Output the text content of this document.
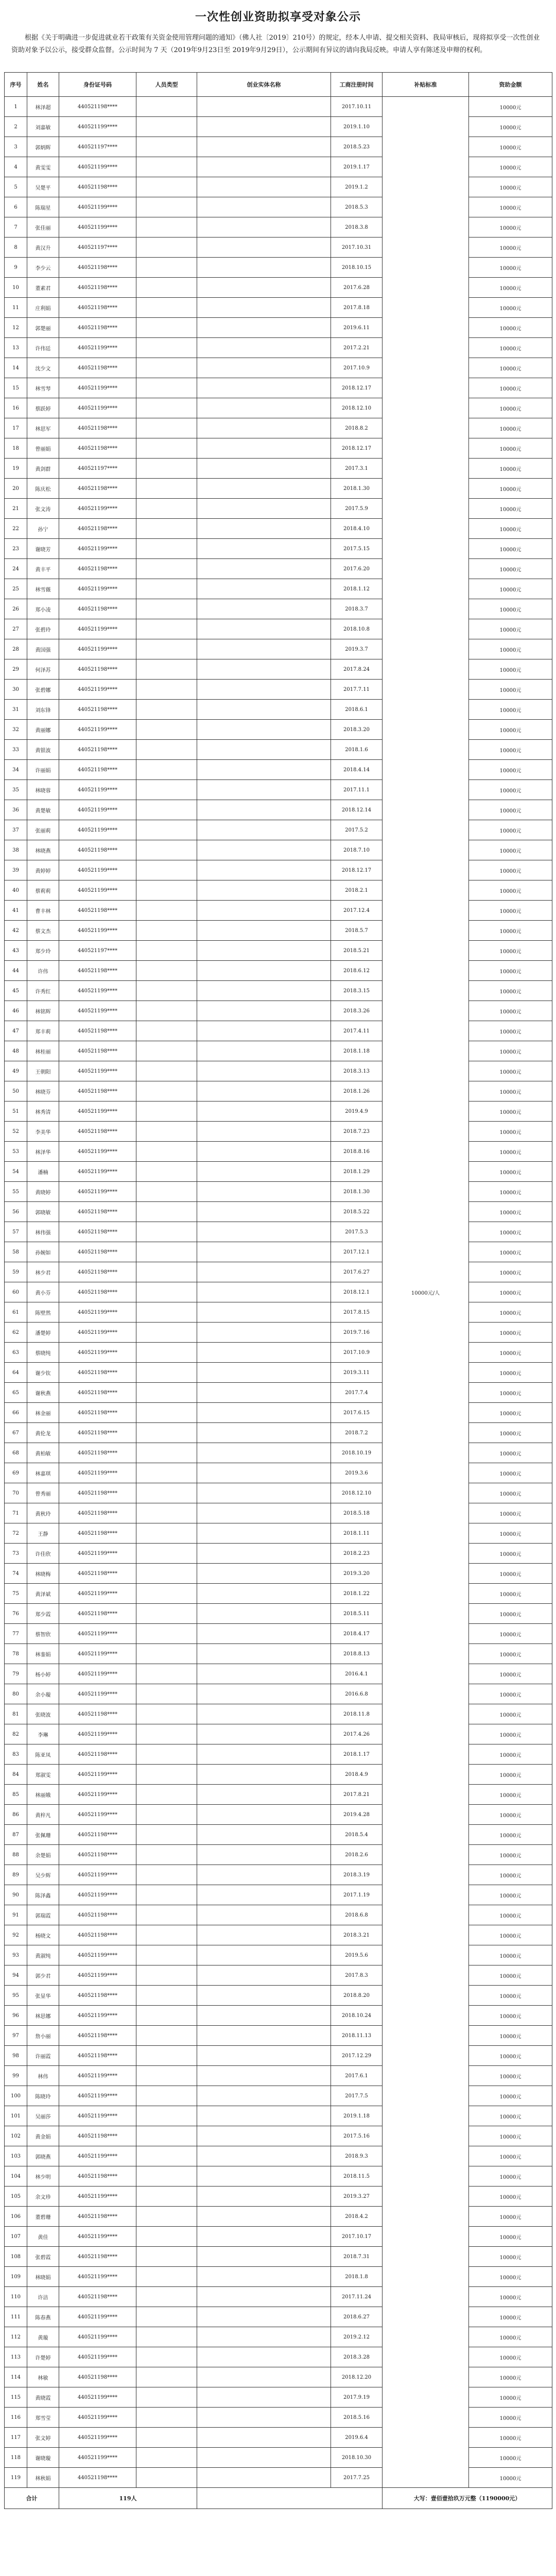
一次性创业资助拟享受对象公示
根据《关于明确进一步促进就业若干政策有关资金使用管理问题的通知》（佛人社〔2019〕210号）的规定，经本人申请、提交相关资料、我局审核后，现将拟享受一次性创业资助对象予以公示，接受群众监督。公示时间为 7 天（2019年9月23日至 2019年9月29日），公示期间有异议的请向我局反映。申请人享有陈述及申辩的权利。
序号	姓名	身份证号码	人员类型	创业实体名称	工商注册时间	补贴标准	资助金额
1	林泽超	440521198****			2017.10.11	10000元/人	10000元
2	刘嘉敏	440521199****			2019.1.10		10000元
3	郭炳辉	440521197****			2018.5.23		10000元
4	黄雯雯	440521199****			2019.1.17		10000元
5	吴楚平	440521198****			2019.1.2		10000元
6	陈瑞星	440521199****			2018.5.3		10000元
7	张佳丽	440521199****			2018.3.8		10000元
8	黄汉升	440521197****			2017.10.31		10000元
9	李少云	440521198****			2018.10.15		10000元
10	董素君	440521198****			2017.6.28		10000元
11	庄利娟	440521198****			2017.8.18		10000元
12	郭楚丽	440521198****			2019.6.11		10000元
13	许伟廷	440521199****			2017.2.21		10000元
14	沈少文	440521198****			2017.10.9		10000元
15	林雪琴	440521199****			2018.12.17		10000元
16	蔡跃婷	440521199****			2018.12.10		10000元
17	林思军	440521198****			2018.8.2		10000元
18	曾丽娟	440521198****			2018.12.17		10000元
19	黄剑群	440521197****			2017.3.1		10000元
20	陈庆松	440521198****			2018.1.30		10000元
21	张文涛	440521199****			2017.5.9		10000元
22	孙宁	440521198****			2018.4.10		10000元
23	谢晓芳	440521199****			2017.5.15		10000元
24	黄丰平	440521198****			2017.6.20		10000元
25	林雪薇	440521199****			2018.1.12		10000元
26	郑小凌	440521198****			2018.3.7		10000元
27	张碧玲	440521199****			2018.10.8		10000元
28	黄国强	440521199****			2019.3.7		10000元
29	何泽苏	440521198****			2017.8.24		10000元
30	张碧娜	440521199****			2017.7.11		10000元
31	刘东锋	440521198****			2018.6.1		10000元
32	黄丽娜	440521199****			2018.3.20		10000元
33	黄银波	440521198****			2018.1.6		10000元
34	许丽娟	440521198****			2018.4.14		10000元
35	林晓蓉	440521199****			2017.11.1		10000元
36	黄楚敏	440521199****			2018.12.14		10000元
37	张丽莉	440521199****			2017.5.2		10000元
38	林晓燕	440521198****			2018.7.10		10000元
39	黄婷婷	440521199****			2018.12.17		10000元
40	蔡莉莉	440521199****			2018.2.1		10000元
41	曹丰林	440521198****			2017.12.4		10000元
42	蔡文杰	440521199****			2018.5.7		10000元
43	郑少玲	440521197****			2018.5.21		10000元
44	许伟	440521198****			2018.6.12		10000元
45	许秀红	440521199****			2018.3.15		10000元
46	林铭辉	440521199****			2018.3.26		10000元
47	郑丰莉	440521198****			2017.4.11		10000元
48	林桂丽	440521198****			2018.1.18		10000元
49	王朝阳	440521199****			2018.3.13		10000元
50	林晓芬	440521198****			2018.1.26		10000元
51	林秀清	440521199****			2019.4.9		10000元
52	李美华	440521198****			2018.7.23		10000元
53	林泽华	440521199****			2018.8.16		10000元
54	潘楠	440521199****			2018.1.29		10000元
55	黄晓婷	440521199****			2018.1.30		10000元
56	郭晓敏	440521198****			2018.5.22		10000元
57	林伟强	440521198****			2017.5.3		10000元
58	孙婉如	440521198****			2017.12.1		10000元
59	林少君	440521198****			2017.6.27		10000元
60	黄小芬	440521198****			2018.12.1		10000元
61	陈壁然	440521199****			2017.8.15		10000元
62	潘楚婷	440521199****			2019.7.16		10000元
63	蔡晓纯	440521199****			2017.10.9		10000元
64	谢少钦	440521198****			2019.3.11		10000元
65	谢秋燕	440521198****			2017.7.4		10000元
66	林金丽	440521198****			2017.6.15		10000元
67	黄伦龙	440521198****			2018.7.2		10000元
68	黄柏敏	440521198****			2018.10.19		10000元
69	林嘉琪	440521199****			2019.3.6		10000元
70	曾秀丽	440521198****			2018.12.10		10000元
71	黄秋玲	440521198****			2018.5.18		10000元
72	王静	440521198****			2018.1.11		10000元
73	许佳欣	440521199****			2018.2.23		10000元
74	林晓梅	440521198****			2019.3.20		10000元
75	黄泽斌	440521199****			2018.1.22		10000元
76	郑少霞	440521198****			2018.5.11		10000元
77	蔡智欣	440521199****			2018.4.17		10000元
78	林銮娟	440521199****			2018.8.13		10000元
79	杨小婷	440521199****			2016.4.1		10000元
80	余小璇	440521199****			2016.6.8		10000元
81	张晓波	440521198****			2018.11.8		10000元
82	李琳	440521199****			2017.4.26		10000元
83	陈亚凤	440521198****			2018.1.17		10000元
84	郑淑雯	440521199****			2018.4.9		10000元
85	林丽娥	440521199****			2017.8.21		10000元
86	黄梓凡	440521199****			2019.4.28		10000元
87	张佩珊	440521198****			2018.5.4		10000元
88	余楚娟	440521198****			2018.2.6		10000元
89	吴少辉	440521199****			2018.3.19		10000元
90	陈泽鑫	440521199****			2017.1.19		10000元
91	郭瑞霞	440521198****			2018.6.8		10000元
92	杨晓文	440521198****			2018.3.21		10000元
93	黄淑纯	440521199****			2019.5.6		10000元
94	郭少君	440521199****			2017.8.3		10000元
95	张显华	440521198****			2018.8.20		10000元
96	林思娜	440521199****			2018.10.24		10000元
97	詹小丽	440521198****			2018.11.13		10000元
98	许丽霞	440521198****			2017.12.29		10000元
99	林伟	440521199****			2017.6.1		10000元
100	陈晓玲	440521199****			2017.7.5		10000元
101	吴丽莎	440521199****			2019.1.18		10000元
102	黄金娟	440521198****			2017.5.16		10000元
103	郭晓燕	440521199****			2018.9.3		10000元
104	林少明	440521198****			2018.11.5		10000元
105	余文珍	440521199****			2019.3.27		10000元
106	董碧珊	440521198****			2018.4.2		10000元
107	黄佳	440521199****			2017.10.17		10000元
108	张碧霞	440521198****			2018.7.31		10000元
109	林晓娟	440521199****			2018.1.8		10000元
110	许洁	440521198****			2017.11.24		10000元
111	陈春燕	440521199****			2018.6.27		10000元
112	黄璇	440521199****			2019.2.12		10000元
113	许楚婷	440521199****			2018.3.28		10000元
114	林敏	440521198****			2018.12.20		10000元
115	黄晓霞	440521199****			2017.9.19		10000元
116	郑雪莹	440521199****			2018.5.16		10000元
117	张文婷	440521199****			2019.6.4		10000元
118	谢晓璇	440521199****			2018.10.30		10000元
119	林秋娟	440521198****			2017.7.25		10000元
合计		119人				大写：壹佰壹拾玖万元整（1190000元）	
